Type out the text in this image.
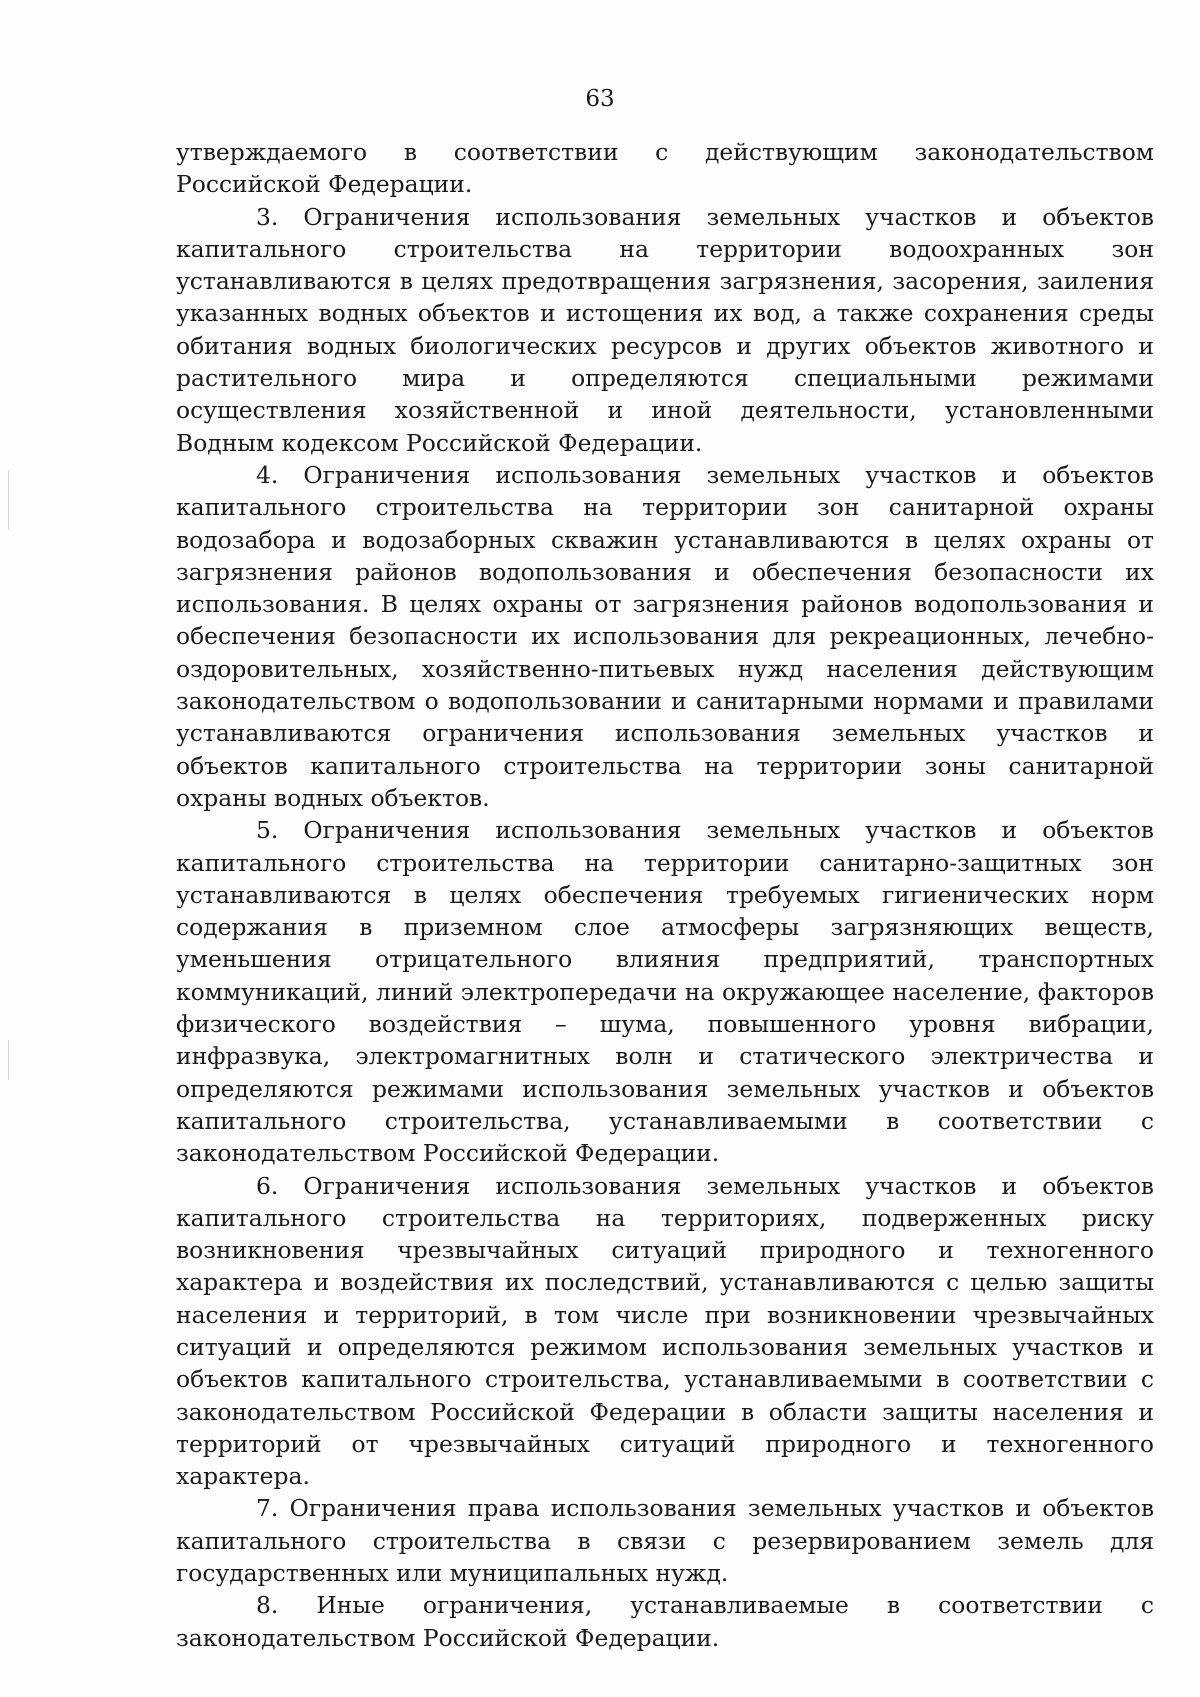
63

утверждаемого в соответствии с действующим законодательством Российской Федерации.

3. Ограничения использования земельных участков и объектов капитального строительства на территории водоохранных зон устанавливаются в целях предотвращения загрязнения, засорения, заиления указанных водных объектов и истощения их вод, а также сохранения среды обитания водных биологических ресурсов и других объектов животного и растительного мира и определяются специальными режимами осуществления хозяйственной и иной деятельности, установленными Водным кодексом Российской Федерации.

4. Ограничения использования земельных участков и объектов капитального строительства на территории зон санитарной охраны водозабора и водозаборных скважин устанавливаются в целях охраны от загрязнения районов водопользования и обеспечения безопасности их использования. В целях охраны от загрязнения районов водопользования и обеспечения безопасности их использования для рекреационных, лечебно-оздоровительных, хозяйственно-питьевых нужд населения действующим законодательством о водопользовании и санитарными нормами и правилами устанавливаются ограничения использования земельных участков и объектов капитального строительства на территории зоны санитарной охраны водных объектов.

5. Ограничения использования земельных участков и объектов капитального строительства на территории санитарно-защитных зон устанавливаются в целях обеспечения требуемых гигиенических норм содержания в приземном слое атмосферы загрязняющих веществ, уменьшения отрицательного влияния предприятий, транспортных коммуникаций, линий электропередачи на окружающее население, факторов физического воздействия – шума, повышенного уровня вибрации, инфразвука, электромагнитных волн и статического электричества и определяются режимами использования земельных участков и объектов капитального строительства, устанавливаемыми в соответствии с законодательством Российской Федерации.

6. Ограничения использования земельных участков и объектов капитального строительства на территориях, подверженных риску возникновения чрезвычайных ситуаций природного и техногенного характера и воздействия их последствий, устанавливаются с целью защиты населения и территорий, в том числе при возникновении чрезвычайных ситуаций и определяются режимом использования земельных участков и объектов капитального строительства, устанавливаемыми в соответствии с законодательством Российской Федерации в области защиты населения и территорий от чрезвычайных ситуаций природного и техногенного характера.

7. Ограничения права использования земельных участков и объектов капитального строительства в связи с резервированием земель для государственных или муниципальных нужд.

8. Иные ограничения, устанавливаемые в соответствии с законодательством Российской Федерации.
